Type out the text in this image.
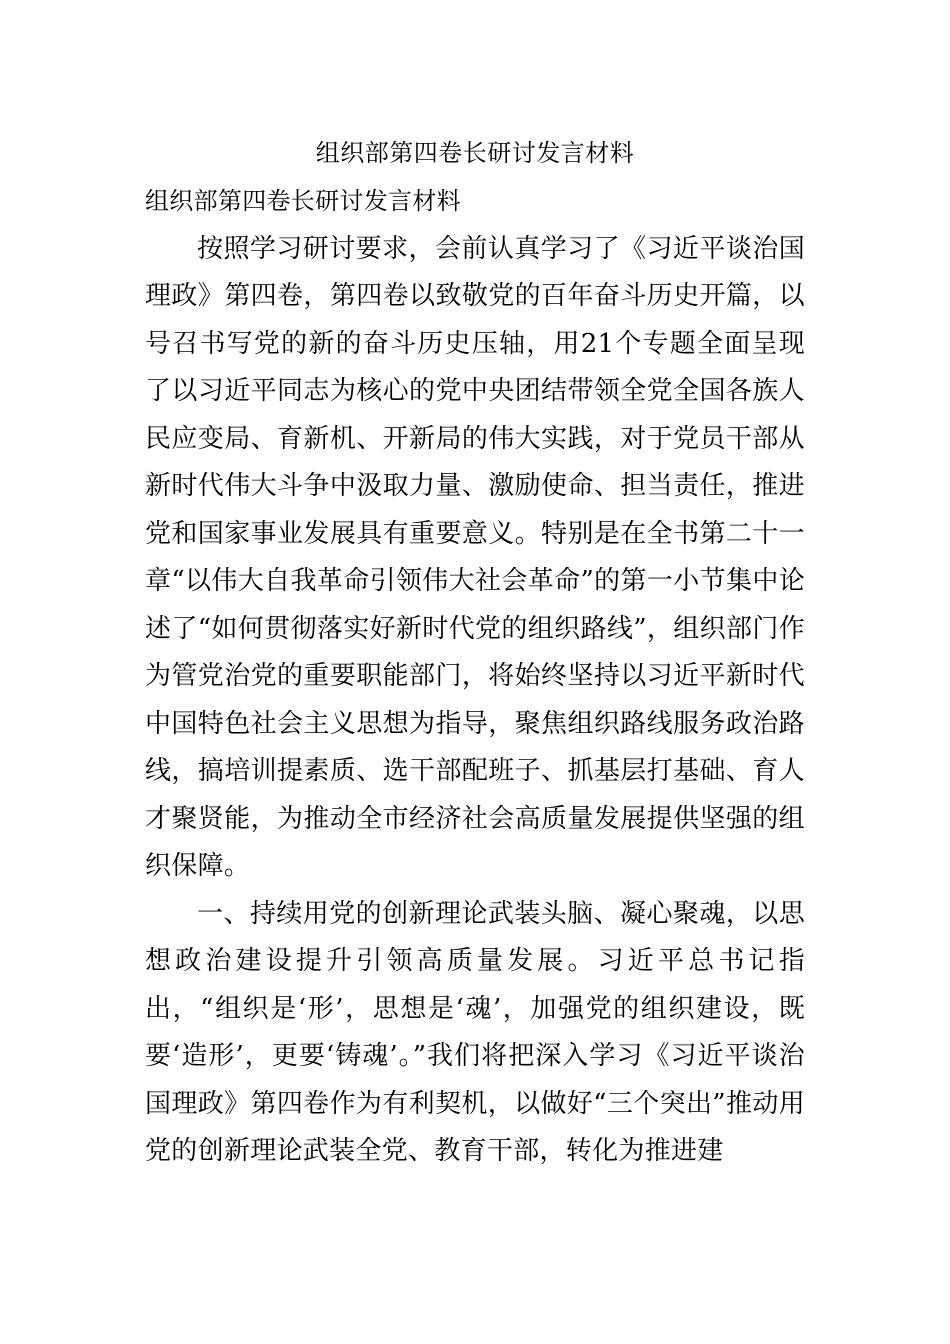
组织部第四卷长研讨发言材料

组织部第四卷长研讨发言材料

按照学习研讨要求，会前认真学习了《习近平谈治国理政》第四卷，第四卷以致敬党的百年奋斗历史开篇，以号召书写党的新的奋斗历史压轴，用21个专题全面呈现了以习近平同志为核心的党中央团结带领全党全国各族人民应变局、育新机、开新局的伟大实践，对于党员干部从新时代伟大斗争中汲取力量、激励使命、担当责任，推进党和国家事业发展具有重要意义。特别是在全书第二十一章“以伟大自我革命引领伟大社会革命”的第一小节集中论述了“如何贯彻落实好新时代党的组织路线”，组织部门作为管党治党的重要职能部门，将始终坚持以习近平新时代中国特色社会主义思想为指导，聚焦组织路线服务政治路线，搞培训提素质、选干部配班子、抓基层打基础、育人才聚贤能，为推动全市经济社会高质量发展提供坚强的组织保障。

一、持续用党的创新理论武装头脑、凝心聚魂，以思想政治建设提升引领高质量发展。习近平总书记指出，“组织是‘形’，思想是‘魂’，加强党的组织建设，既要‘造形’，更要‘铸魂’。”我们将把深入学习《习近平谈治国理政》第四卷作为有利契机，以做好“三个突出”推动用党的创新理论武装全党、教育干部，转化为推进建
